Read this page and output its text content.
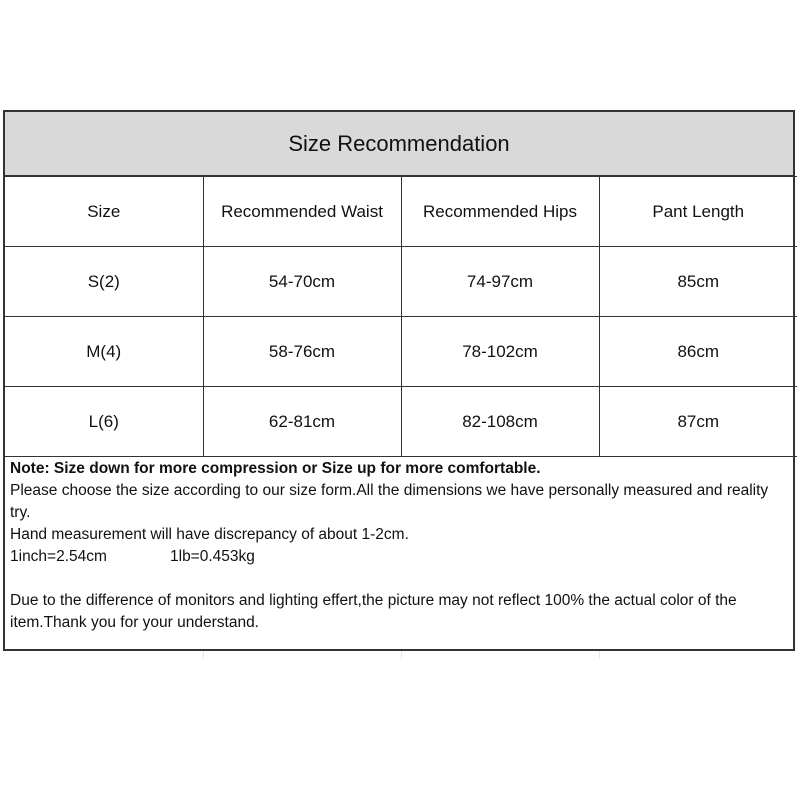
Size Recommendation
Size	Recommended Waist	Recommended Hips	Pant Length
S(2)	54-70cm	74-97cm	85cm
M(4)	58-76cm	78-102cm	86cm
L(6)	62-81cm	82-108cm	87cm

Note: Size down for more compression or Size up for more comfortable.

Please choose the size according to our size form.All the dimensions we have personally measured and reality try.

Hand measurement will have discrepancy of about 1-2cm.

1inch=2.54cm	1lb=0.453kg

Due to the difference of monitors and lighting effert,the picture may not reflect 100% the actual color of the item.Thank you for your understand.
